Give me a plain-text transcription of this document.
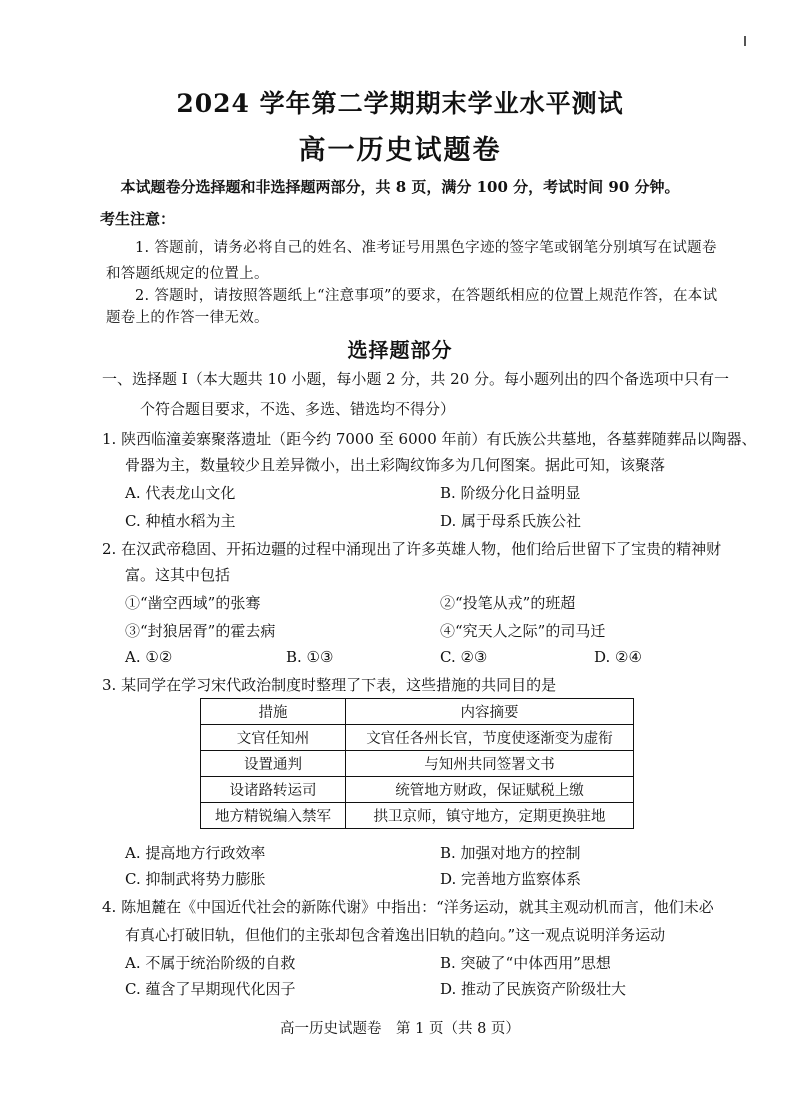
2024 学年第二学期期末学业水平测试
高一历史试题卷
本试题卷分选择题和非选择题两部分，共 8 页，满分 100 分，考试时间 90 分钟。
考生注意：
1. 答题前，请务必将自己的姓名、准考证号用黑色字迹的签字笔或钢笔分别填写在试题卷
和答题纸规定的位置上。
2. 答题时，请按照答题纸上“注意事项”的要求，在答题纸相应的位置上规范作答，在本试
题卷上的作答一律无效。
选择题部分
一、选择题 I（本大题共 10 小题，每小题 2 分，共 20 分。每小题列出的四个备选项中只有一
个符合题目要求，不选、多选、错选均不得分）
1. 陕西临潼姜寨聚落遗址（距今约 7000 至 6000 年前）有氏族公共墓地，各墓葬随葬品以陶器、
骨器为主，数量较少且差异微小，出土彩陶纹饰多为几何图案。据此可知，该聚落
A. 代表龙山文化	B. 阶级分化日益明显
C. 种植水稻为主	D. 属于母系氏族公社
2. 在汉武帝稳固、开拓边疆的过程中涌现出了许多英雄人物，他们给后世留下了宝贵的精神财
富。这其中包括
①“凿空西域”的张骞	②“投笔从戎”的班超
③“封狼居胥”的霍去病	④“究天人之际”的司马迁
A. ①②	B. ①③	C. ②③	D. ②④
3. 某同学在学习宋代政治制度时整理了下表，这些措施的共同目的是
措施	内容摘要
文官任知州	文官任各州长官，节度使逐渐变为虚衔
设置通判	与知州共同签署文书
设诸路转运司	统管地方财政，保证赋税上缴
地方精锐编入禁军	拱卫京师，镇守地方，定期更换驻地
A. 提高地方行政效率	B. 加强对地方的控制
C. 抑制武将势力膨胀	D. 完善地方监察体系
4. 陈旭麓在《中国近代社会的新陈代谢》中指出：“洋务运动，就其主观动机而言，他们未必
有真心打破旧轨，但他们的主张却包含着逸出旧轨的趋向。”这一观点说明洋务运动
A. 不属于统治阶级的自救	B. 突破了“中体西用”思想
C. 蕴含了早期现代化因子	D. 推动了民族资产阶级壮大
高一历史试题卷　第 1 页（共 8 页）
